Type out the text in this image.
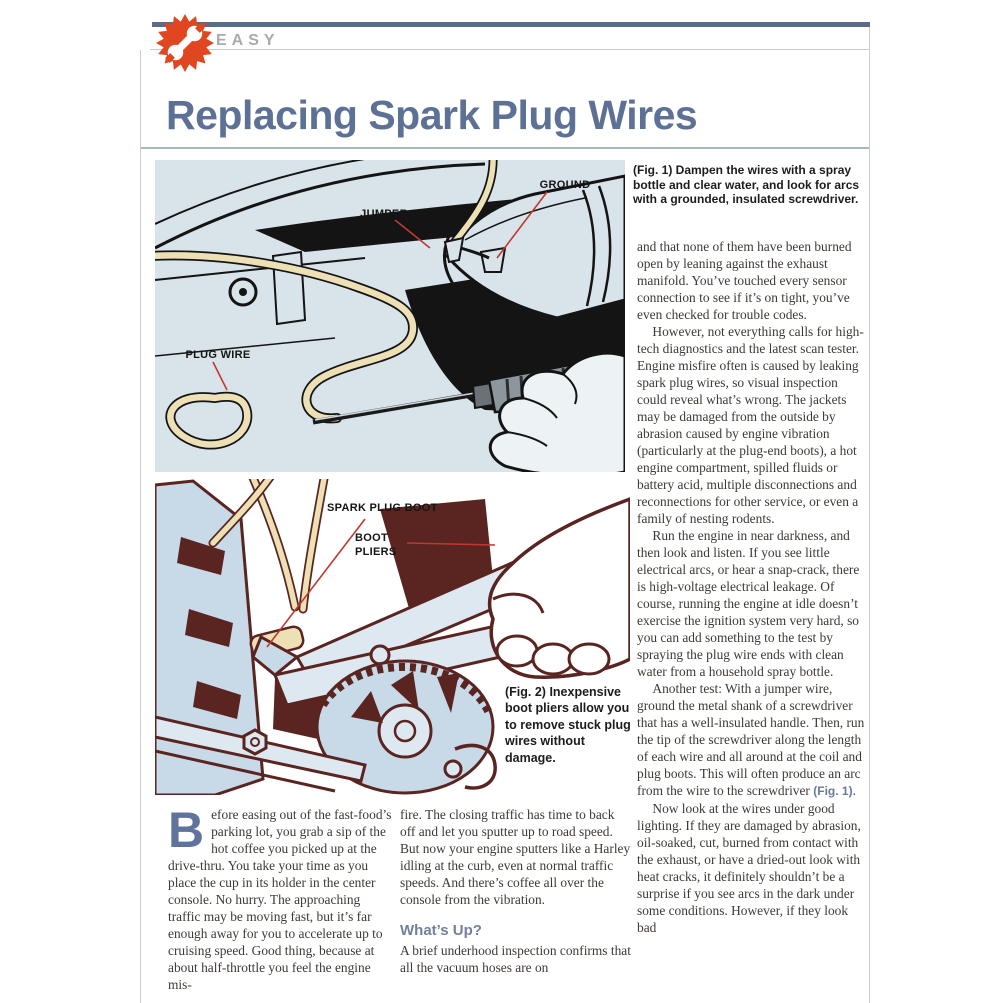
EASY
Replacing Spark Plug Wires
JUMPER
GROUND
PLUG WIRE
(Fig. 1) Dampen the wires with a spray bottle and clear water, and look for arcs with a grounded, insulated screwdriver.
SPARK PLUG BOOT
BOOT PLIERS
(Fig. 2) Inexpensive boot pliers allow you to remove stuck plug wires without damage.

and that none of them have been burned open by leaning against the exhaust manifold. You’ve touched every sensor connection to see if it’s on tight, you’ve even checked for trouble codes.

However, not everything calls for high-tech diagnostics and the latest scan tester. Engine misfire often is caused by leaking spark plug wires, so visual inspection could reveal what’s wrong. The jackets may be damaged from the outside by abrasion caused by engine vibration (particularly at the plug-end boots), a hot engine compartment, spilled fluids or battery acid, multiple disconnections and reconnections for other service, or even a family of nesting rodents.

Run the engine in near darkness, and then look and listen. If you see little electrical arcs, or hear a snap-crack, there is high-voltage electrical leakage. Of course, running the engine at idle doesn’t exercise the ignition system very hard, so you can add something to the test by spraying the plug wire ends with clean water from a household spray bottle.

Another test: With a jumper wire, ground the metal shank of a screwdriver that has a well-insulated handle. Then, run the tip of the screwdriver along the length of each wire and all around at the coil and plug boots. This will often produce an arc from the wire to the screwdriver (Fig. 1).

Now look at the wires under good lighting. If they are damaged by abrasion, oil-soaked, cut, burned from contact with the exhaust, or have a dried-out look with heat cracks, it definitely shouldn’t be a surprise if you see arcs in the dark under some conditions. However, if they look bad

Before easing out of the fast-food’s parking lot, you grab a sip of the hot coffee you picked up at the drive-thru. You take your time as you place the cup in its holder in the center console. No hurry. The approaching traffic may be moving fast, but it’s far enough away for you to accelerate up to cruising speed. Good thing, because at about half-throttle you feel the engine mis-

fire. The closing traffic has time to back off and let you sputter up to road speed. But now your engine sputters like a Harley idling at the curb, even at normal traffic speeds. And there’s coffee all over the console from the vibration.

What’s Up?

A brief underhood inspection confirms that all the vacuum hoses are on
